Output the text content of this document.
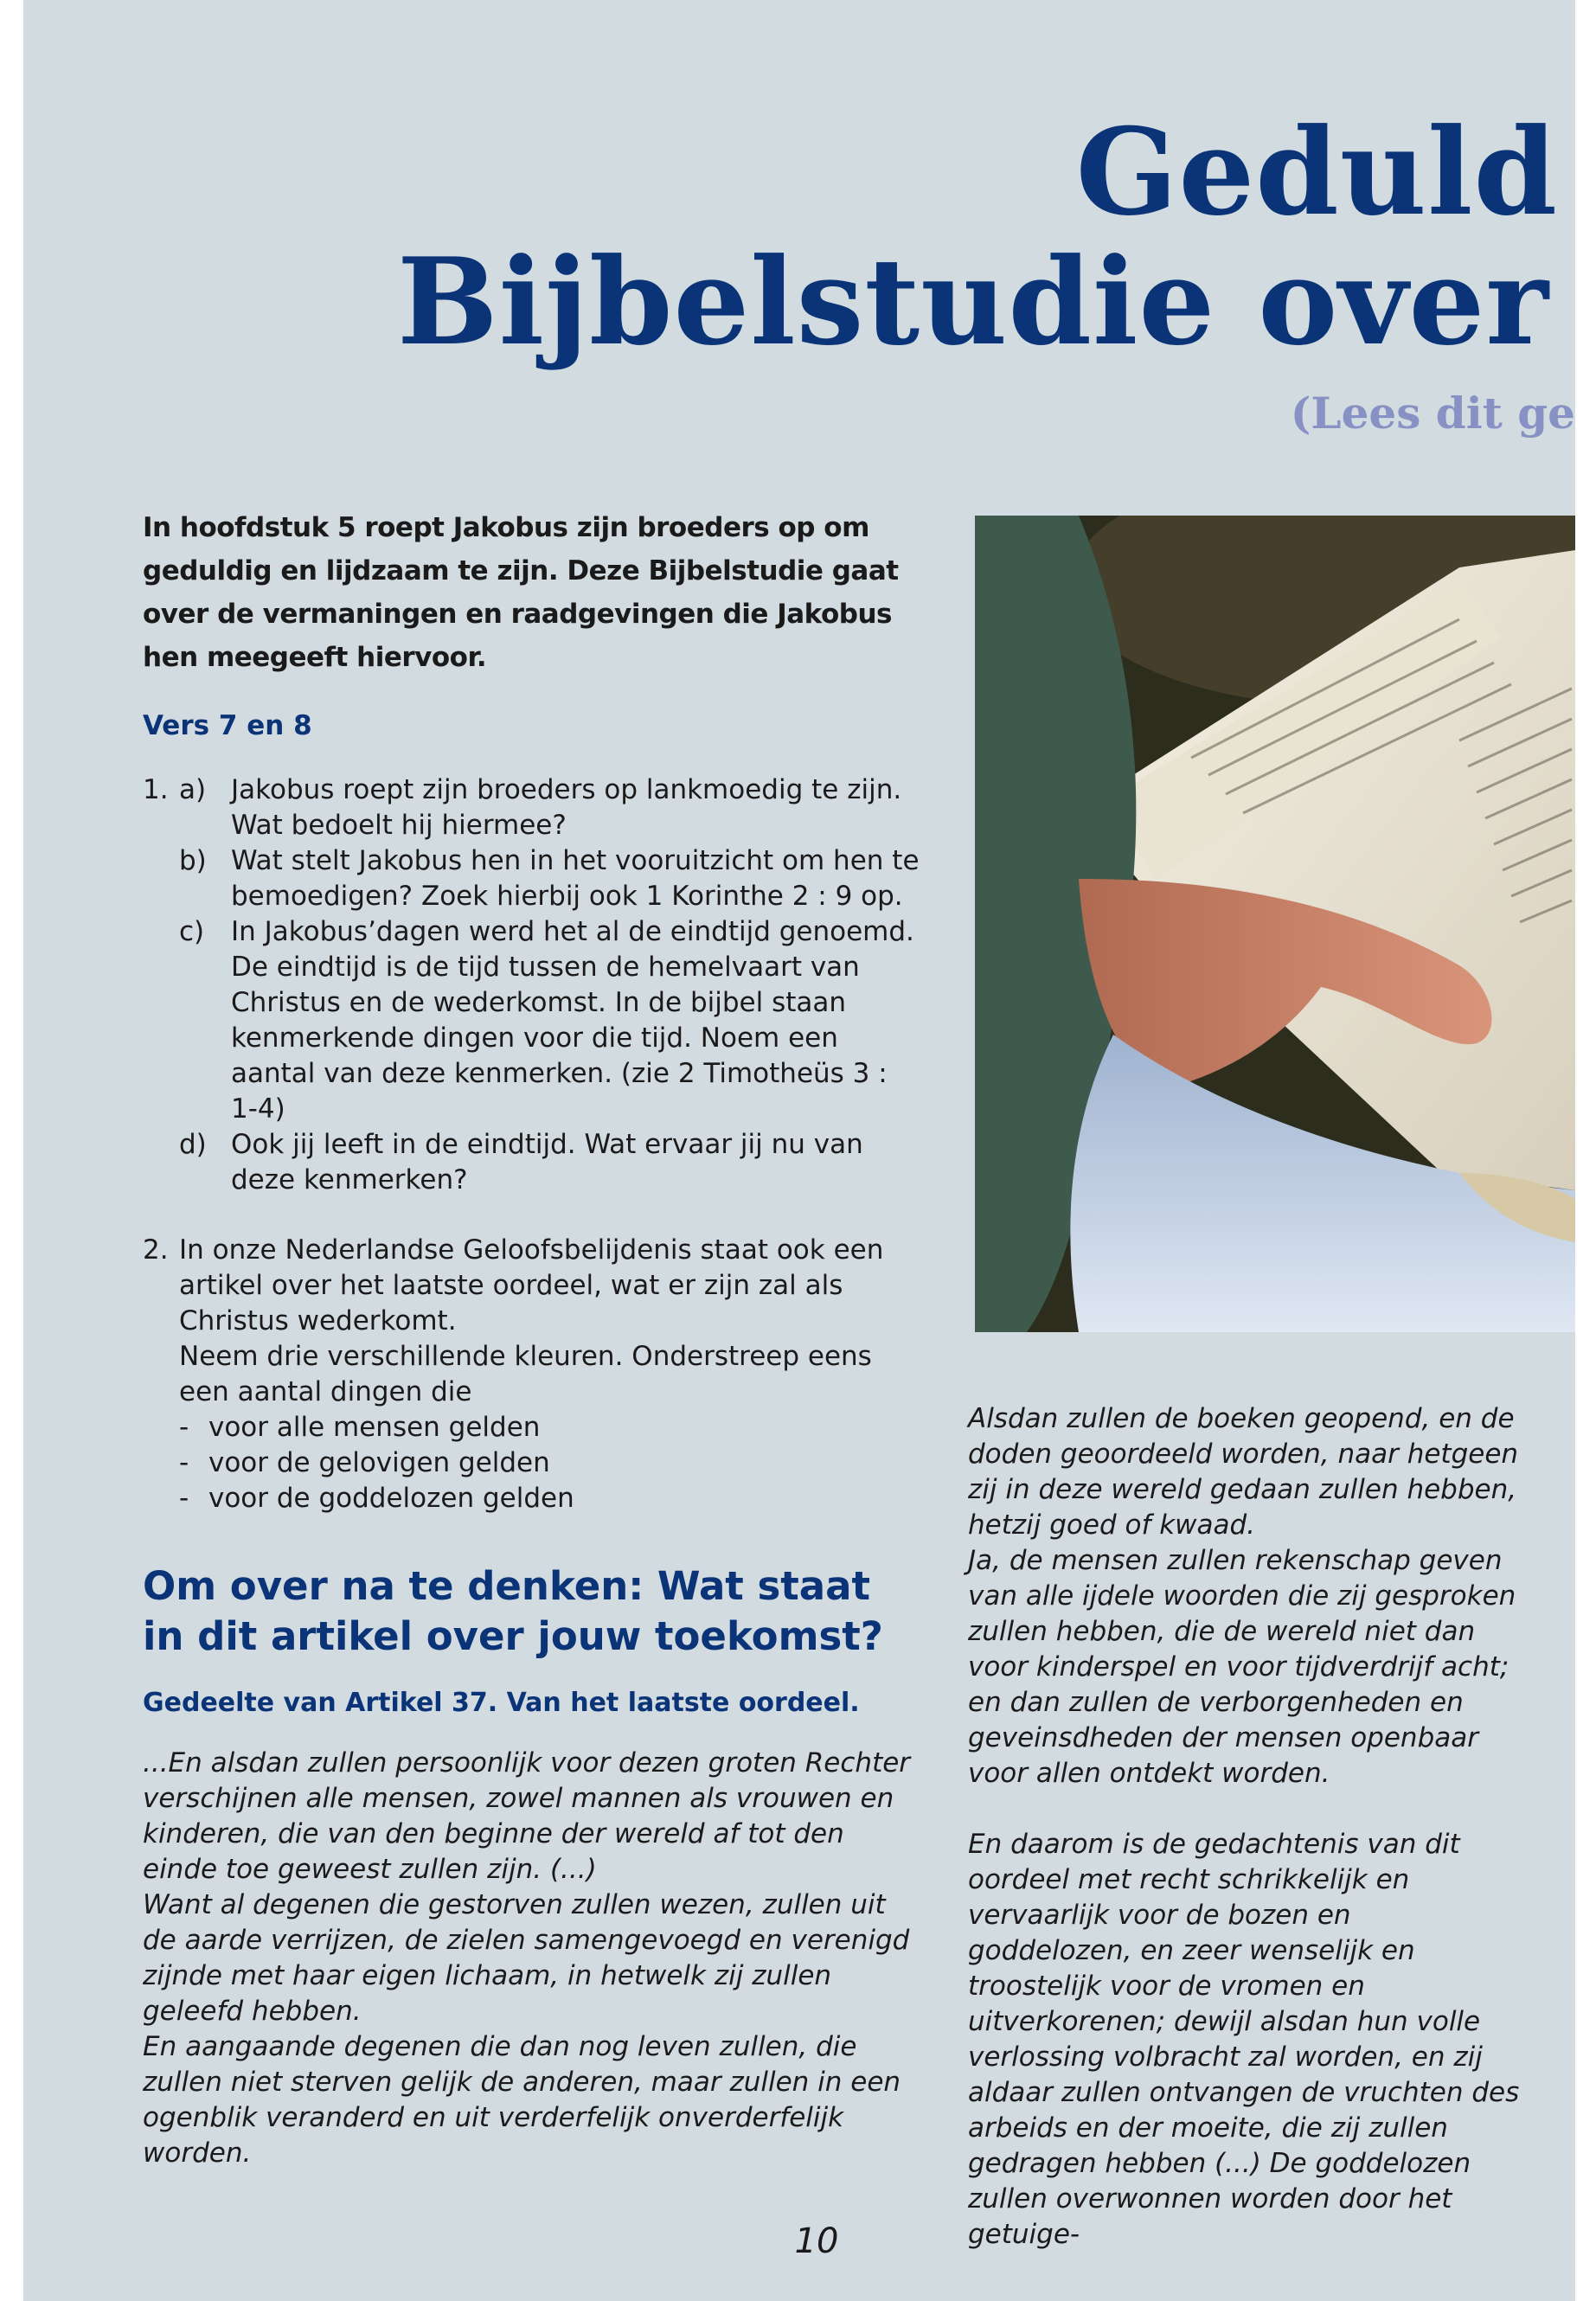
Geduld
Bijbelstudie over
(Lees dit ge

In hoofdstuk 5 roept Jakobus zijn broeders op om geduldig en lijdzaam te zijn. Deze Bijbelstudie gaat over de vermaningen en raadgevingen die Jakobus hen meegeeft hiervoor.

Vers 7 en 8

1. a) Jakobus roept zijn broeders op lankmoedig te zijn. Wat bedoelt hij hiermee?
b) Wat stelt Jakobus hen in het vooruitzicht om hen te bemoedigen? Zoek hierbij ook 1 Korinthe 2 : 9 op.
c) In Jakobus’dagen werd het al de eindtijd genoemd. De eindtijd is de tijd tussen de hemelvaart van Christus en de wederkomst. In de bijbel staan kenmerkende dingen voor die tijd. Noem een aantal van deze kenmerken. (zie 2 Timotheüs 3 : 1-4)
d) Ook jij leeft in de eindtijd. Wat ervaar jij nu van deze kenmerken?
2. In onze Nederlandse Geloofsbelijdenis staat ook een artikel over het laatste oordeel, wat er zijn zal als Christus wederkomt.
Neem drie verschillende kleuren. Onderstreep eens een aantal dingen die
- voor alle mensen gelden
- voor de gelovigen gelden
- voor de goddelozen gelden
Om over na te denken: Wat staat in dit artikel over jouw toekomst?

Gedeelte van Artikel 37. Van het laatste oordeel.

...En alsdan zullen persoonlijk voor dezen groten Rechter verschijnen alle mensen, zowel mannen als vrouwen en kinderen, die van den beginne der wereld af tot den einde toe geweest zullen zijn. (...)
Want al degenen die gestorven zullen wezen, zullen uit de aarde verrijzen, de zielen samengevoegd en verenigd zijnde met haar eigen lichaam, in hetwelk zij zullen geleefd hebben.
En aangaande degenen die dan nog leven zullen, die zullen niet sterven gelijk de anderen, maar zullen in een ogenblik veranderd en uit verderfelijk onverderfelijk worden.

Alsdan zullen de boeken geopend, en de doden geoordeeld worden, naar hetgeen zij in deze wereld gedaan zullen hebben, hetzij goed of kwaad.

Ja, de mensen zullen rekenschap geven van alle ijdele woorden die zij gesproken zullen hebben, die de wereld niet dan voor kinderspel en voor tijdverdrijf acht; en dan zullen de verborgenheden en geveinsdheden der mensen openbaar voor allen ontdekt worden.

En daarom is de gedachtenis van dit oordeel met recht schrikkelijk en vervaarlijk voor de bozen en goddelozen, en zeer wenselijk en troostelijk voor de vromen en uitverkorenen; dewijl alsdan hun volle verlossing volbracht zal worden, en zij aldaar zullen ontvangen de vruchten des arbeids en der moeite, die zij zullen gedragen hebben (...) De goddelozen zullen overwonnen worden door het getuige-

10
